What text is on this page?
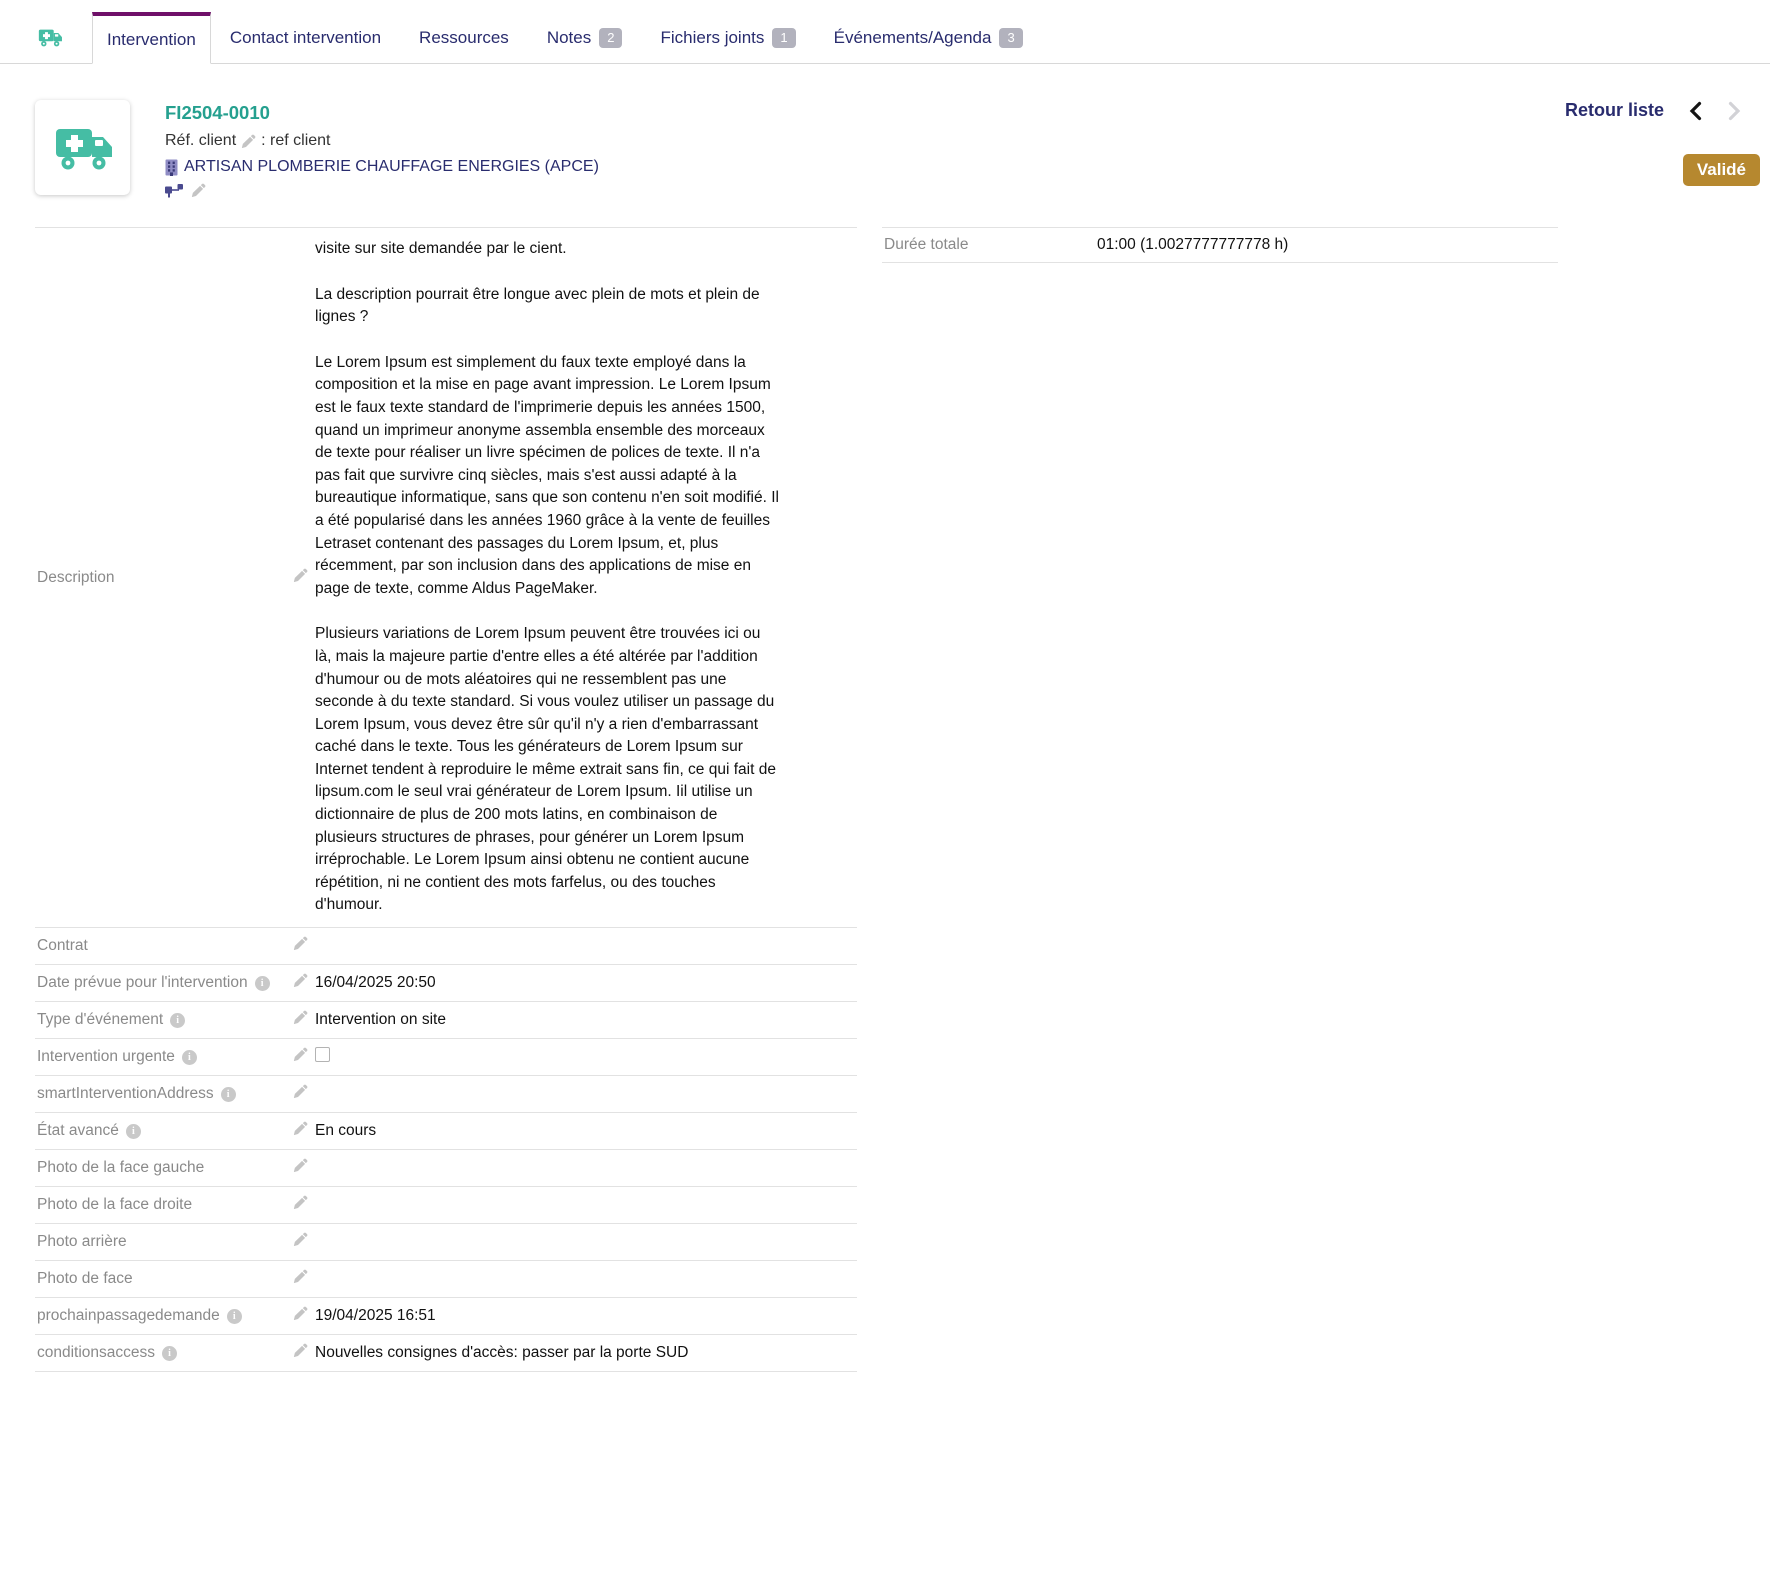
Intervention Contact intervention Ressources Notes	2	Fichiers joints	1	Événements/Agenda	3
FI2504-0010
Réf. client : ref client
ARTISAN PLOMBERIE CHAUFFAGE ENERGIES (APCE)
Retour liste
Validé
Description		visite sur site demandée par le cient.

La description pourrait être longue avec plein de mots et plein de lignes ?

Le Lorem Ipsum est simplement du faux texte employé dans la composition et la mise en page avant impression. Le Lorem Ipsum est le faux texte standard de l'imprimerie depuis les années 1500, quand un imprimeur anonyme assembla ensemble des morceaux de texte pour réaliser un livre spécimen de polices de texte. Il n'a pas fait que survivre cinq siècles, mais s'est aussi adapté à la bureautique informatique, sans que son contenu n'en soit modifié. Il a été popularisé dans les années 1960 grâce à la vente de feuilles Letraset contenant des passages du Lorem Ipsum, et, plus récemment, par son inclusion dans des applications de mise en page de texte, comme Aldus PageMaker.

Plusieurs variations de Lorem Ipsum peuvent être trouvées ici ou là, mais la majeure partie d'entre elles a été altérée par l'addition d'humour ou de mots aléatoires qui ne ressemblent pas une seconde à du texte standard. Si vous voulez utiliser un passage du Lorem Ipsum, vous devez être sûr qu'il n'y a rien d'embarrassant caché dans le texte. Tous les générateurs de Lorem Ipsum sur Internet tendent à reproduire le même extrait sans fin, ce qui fait de lipsum.com le seul vrai générateur de Lorem Ipsum. Iil utilise un dictionnaire de plus de 200 mots latins, en combinaison de plusieurs structures de phrases, pour générer un Lorem Ipsum irréprochable. Le Lorem Ipsum ainsi obtenu ne contient aucune répétition, ni ne contient des mots farfelus, ou des touches d'humour.

Contrat

Date prévue pour l'intervention i		16/04/2025 20:50

Type d'événement i		Intervention on site

Intervention urgente i

smartInterventionAddress i

État avancé i		En cours

Photo de la face gauche

Photo de la face droite

Photo arrière

Photo de face

prochainpassagedemande i		19/04/2025 16:51

conditionsaccess i		Nouvelles consignes d'accès: passer par la porte SUD
Durée totale	01:00 (1.0027777777778 h)
